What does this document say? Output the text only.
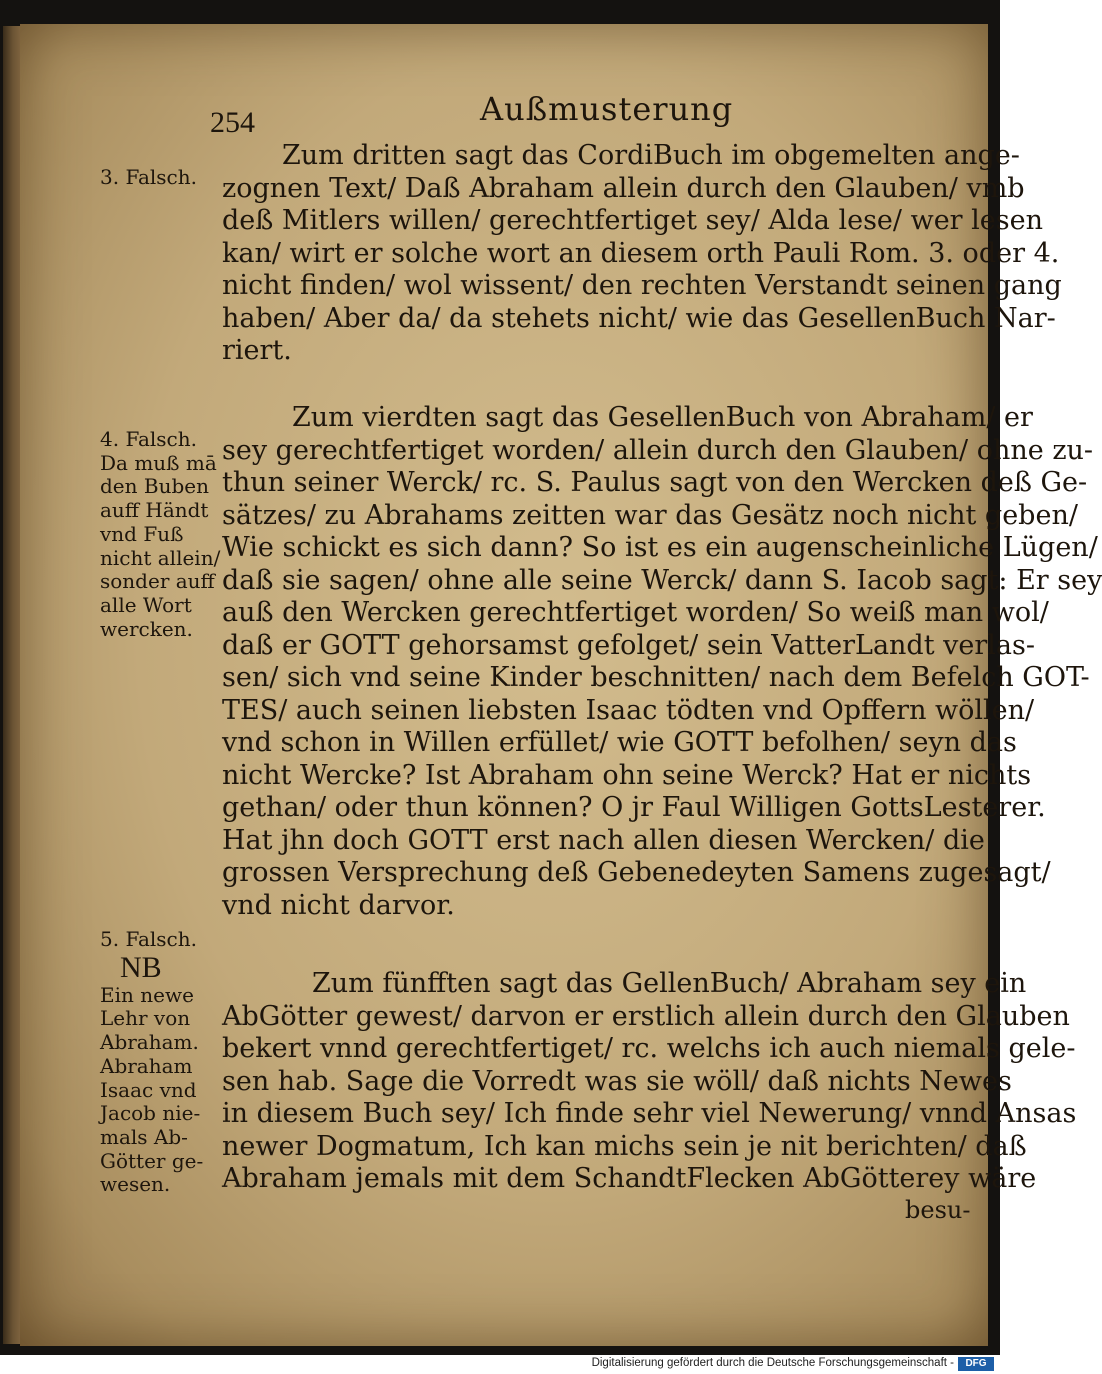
254	Außmusterung
3. Falsch.
4. Falsch.
Da muß mā
den Buben
auff Händt
vnd Fuß
nicht allein/
sonder auff
alle Wort
wercken.
5. Falsch.
NB
Ein newe
Lehr von
Abraham.
Abraham
Isaac vnd
Jacob nie-
mals Ab-
Götter ge-
wesen.
Zum dritten sagt das CordiBuch im obgemelten ange-
zognen Text/ Daß Abraham allein durch den Glauben/ vmb
deß Mitlers willen/ gerechtfertiget sey/ Alda lese/ wer lesen
kan/ wirt er solche wort an diesem orth Pauli Rom. 3. oder 4.
nicht finden/ wol wissent/ den rechten Verstandt seinen gang
haben/ Aber da/ da stehets nicht/ wie das GesellenBuch Nar-
riert.
Zum vierdten sagt das GesellenBuch von Abraham/ er
sey gerechtfertiget worden/ allein durch den Glauben/ ohne zu-
thun seiner Werck/ rc. S. Paulus sagt von den Wercken deß Ge-
sätzes/ zu Abrahams zeitten war das Gesätz noch nicht geben/
Wie schickt es sich dann? So ist es ein augenscheinliche Lügen/
daß sie sagen/ ohne alle seine Werck/ dann S. Iacob sagt: Er sey
auß den Wercken gerechtfertiget worden/ So weiß man wol/
daß er GOTT gehorsamst gefolget/ sein VatterLandt verlas-
sen/ sich vnd seine Kinder beschnitten/ nach dem Befelch GOT-
TES/ auch seinen liebsten Isaac tödten vnd Opffern wöllen/
vnd schon in Willen erfüllet/ wie GOTT befolhen/ seyn das
nicht Wercke? Ist Abraham ohn seine Werck? Hat er nichts
gethan/ oder thun können? O jr Faul Willigen GottsLesterer.
Hat jhn doch GOTT erst nach allen diesen Wercken/ die
grossen Versprechung deß Gebenedeyten Samens zugesagt/
vnd nicht darvor.
Zum fünfften sagt das GellenBuch/ Abraham sey ein
AbGötter gewest/ darvon er erstlich allein durch den Glauben
bekert vnnd gerechtfertiget/ rc. welchs ich auch niemals gele-
sen hab. Sage die Vorredt was sie wöll/ daß nichts Newes
in diesem Buch sey/ Ich finde sehr viel Newerung/ vnnd Ansas
newer Dogmatum, Ich kan michs sein je nit berichten/ daß
Abraham jemals mit dem SchandtFlecken AbGötterey wäre
besu-
Digitalisierung gefördert durch die Deutsche Forschungsgemeinschaft -	DFG
